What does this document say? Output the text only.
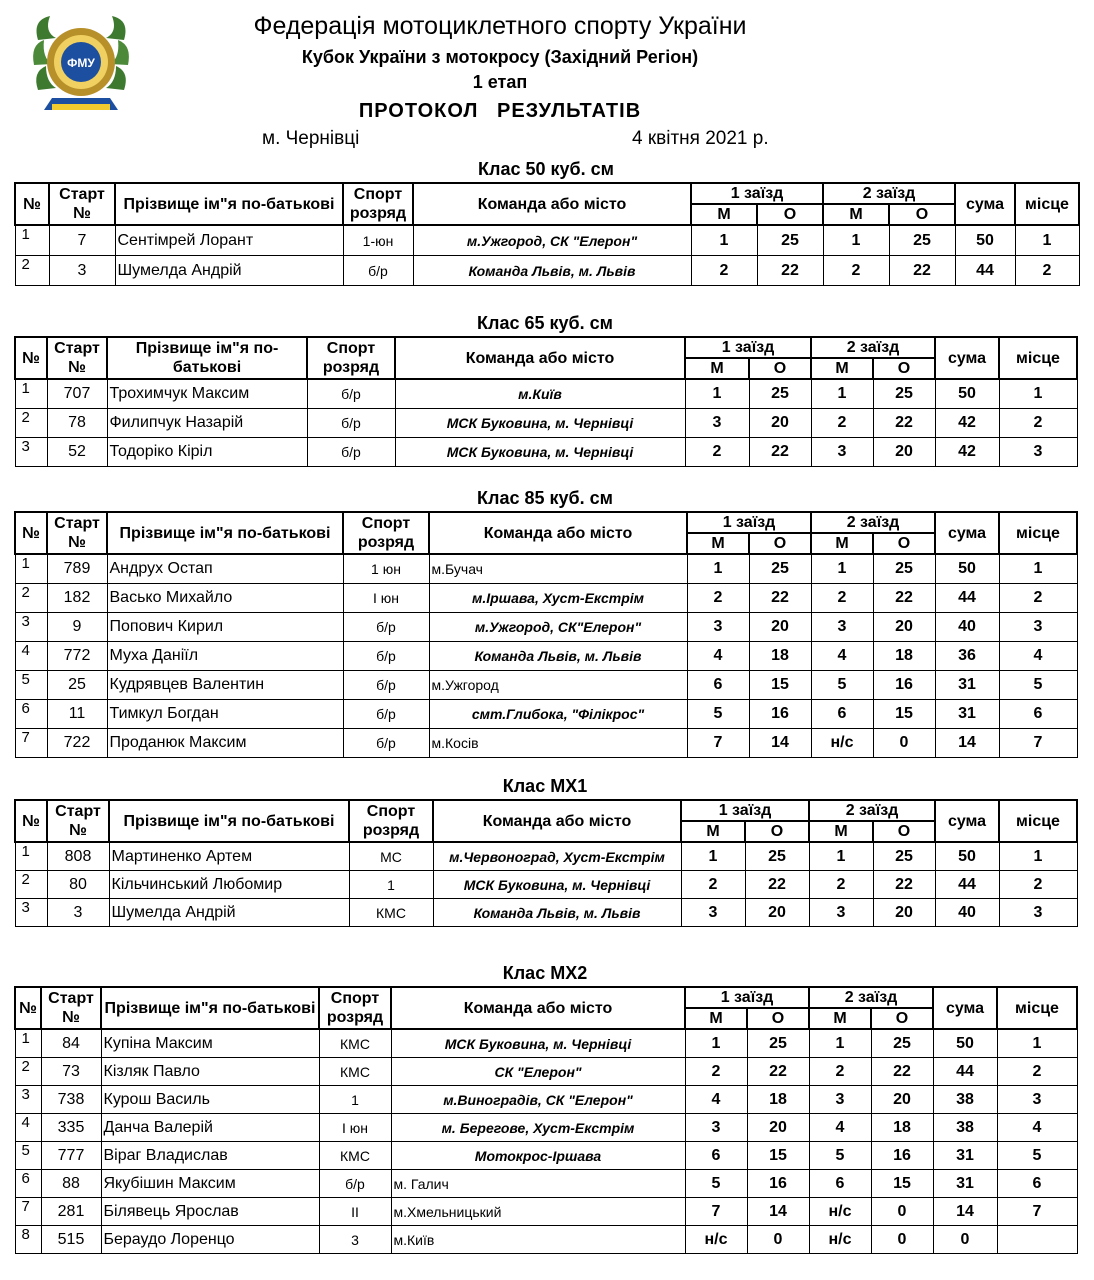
ФМУ
Федерація мотоциклетного спорту України
Кубок України з мотокросу (Західний Регіон)
1 етап
ПРОТОКОЛ РЕЗУЛЬТАТІВ
м. Чернівці	4 квітня 2021 р.
Клас 50 куб. см
№	Старт №	Прізвище ім"я по-батькові	Спорт розряд	Команда або місто	1 заїзд		2 заїзд		сума	місце
					М	О	М	О		
1	7	Сентімрей Лорант	1-юн	м.Ужгород, СК "Елерон"	1	25	1	25	50	1
2	3	Шумелда Андрій	б/р	Команда Львів, м. Львів	2	22	2	22	44	2
Клас 65 куб. см
№	Старт №	Прізвище ім"я по-батькові	Спорт розряд	Команда або місто	1 заїзд		2 заїзд		сума	місце
					М	О	М	О		
1	707	Трохимчук Максим	б/р	м.Київ	1	25	1	25	50	1
2	78	Филипчук Назарій	б/р	МСК Буковина, м. Чернівці	3	20	2	22	42	2
3	52	Тодоріко Кіріл	б/р	МСК Буковина, м. Чернівці	2	22	3	20	42	3
Клас 85 куб. см
№	Старт №	Прізвище ім"я по-батькові	Спорт розряд	Команда або місто	1 заїзд		2 заїзд		сума	місце
					М	О	М	О		
1	789	Андрух Остап	1 юн	м.Бучач	1	25	1	25	50	1
2	182	Васько Михайло	І юн	м.Іршава, Хуст-Екстрім	2	22	2	22	44	2
3	9	Попович Кирил	б/р	м.Ужгород, СК"Елерон"	3	20	3	20	40	3
4	772	Муха Даніїл	б/р	Команда Львів, м. Львів	4	18	4	18	36	4
5	25	Кудрявцев Валентин	б/р	м.Ужгород	6	15	5	16	31	5
6	11	Тимкул Богдан	б/р	смт.Глибока, "Філікрос"	5	16	6	15	31	6
7	722	Проданюк Максим	б/р	м.Косів	7	14	н/с	0	14	7
Клас МХ1
№	Старт №	Прізвище ім"я по-батькові	Спорт розряд	Команда або місто	1 заїзд		2 заїзд		сума	місце
					М	О	М	О		
1	808	Мартиненко Артем	МС	м.Червоноград, Хуст-Екстрім	1	25	1	25	50	1
2	80	Кільчинський Любомир	1	МСК Буковина, м. Чернівці	2	22	2	22	44	2
3	3	Шумелда Андрій	КМС	Команда Львів, м. Львів	3	20	3	20	40	3
Клас МХ2
№	Старт №	Прізвище ім"я по-батькові	Спорт розряд	Команда або місто	1 заїзд		2 заїзд		сума	місце
					М	О	М	О		
1	84	Купіна Максим	КМС	МСК Буковина, м. Чернівці	1	25	1	25	50	1
2	73	Кізляк Павло	КМС	СК "Елерон"	2	22	2	22	44	2
3	738	Курош Василь	1	м.Виноградів, СК "Елерон"	4	18	3	20	38	3
4	335	Данча Валерій	І юн	м. Берегове, Хуст-Екстрім	3	20	4	18	38	4
5	777	Віраг Владислав	КМС	Мотокрос-Іршава	6	15	5	16	31	5
6	88	Якубішин Максим	б/р	м. Галич	5	16	6	15	31	6
7	281	Білявець Ярослав	ІІ	м.Хмельницький	7	14	н/с	0	14	7
8	515	Бераудо Лоренцо	3	м.Київ	н/с	0	н/с	0	0	
